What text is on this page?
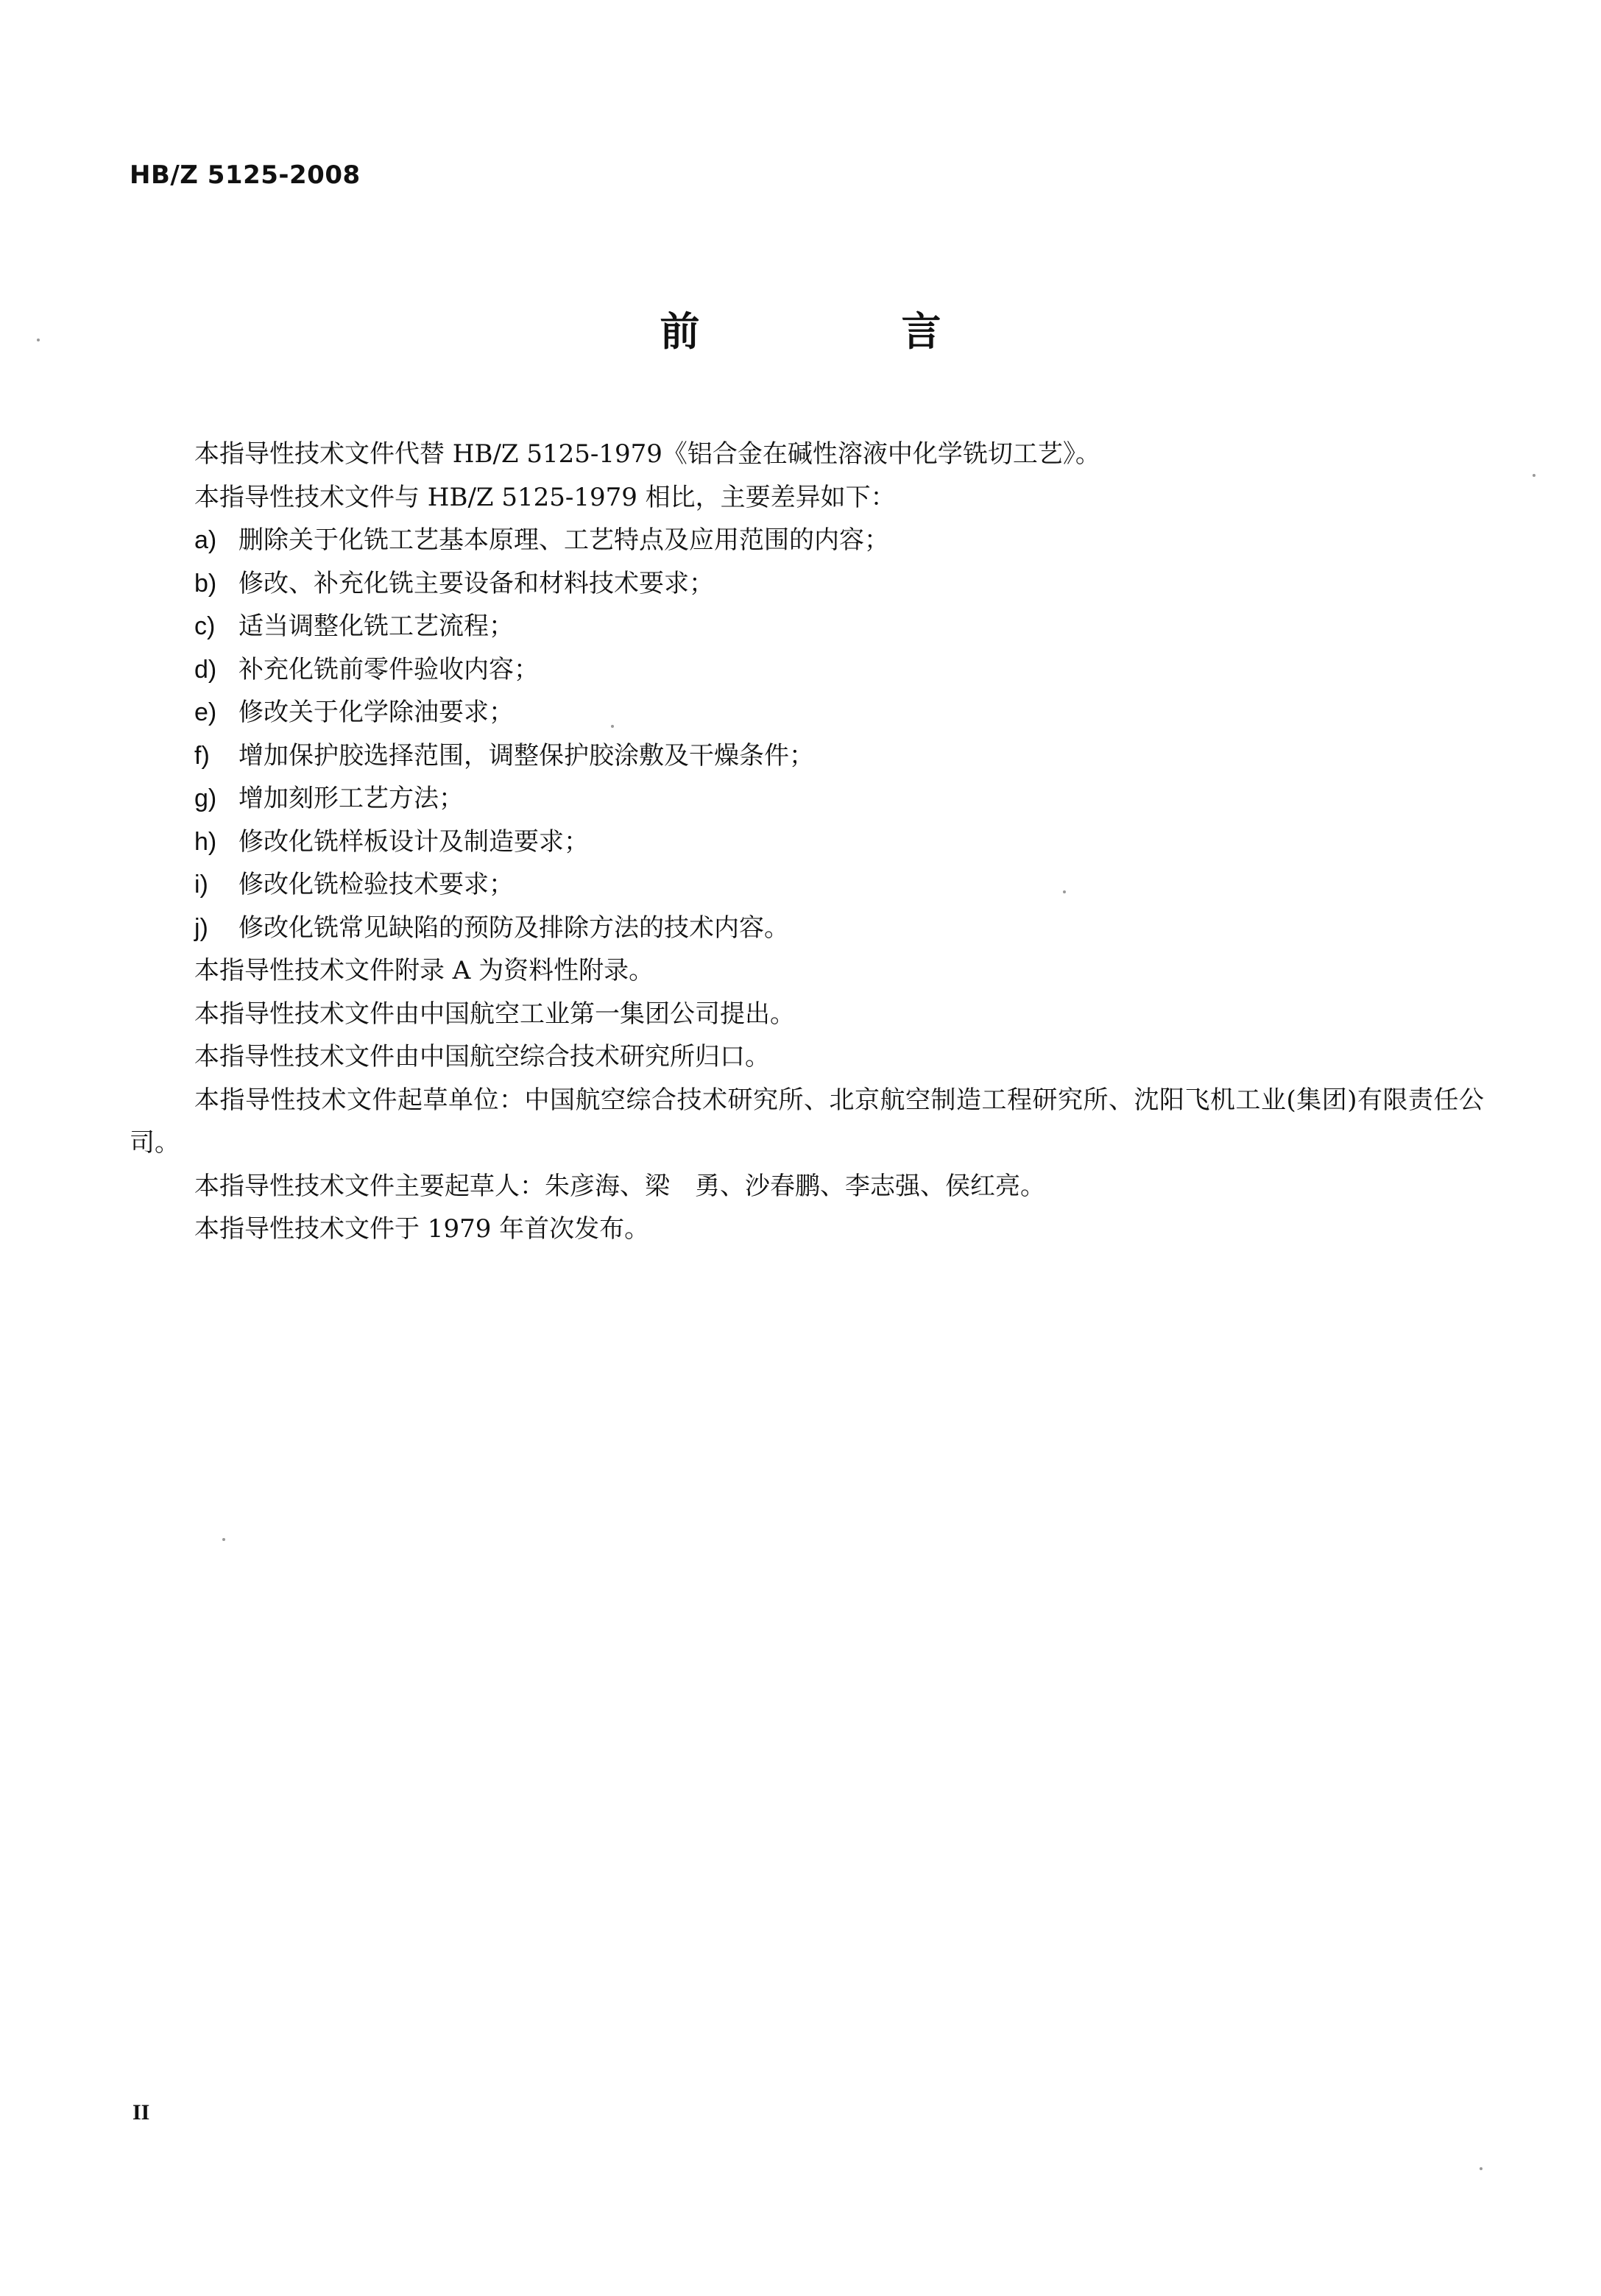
HB/Z 5125-2008
前　言

本指导性技术文件代替 HB/Z 5125-1979《铝合金在碱性溶液中化学铣切工艺》。

本指导性技术文件与 HB/Z 5125-1979 相比，主要差异如下：

a) 删除关于化铣工艺基本原理、工艺特点及应用范围的内容；
b) 修改、补充化铣主要设备和材料技术要求；
c) 适当调整化铣工艺流程；
d) 补充化铣前零件验收内容；
e) 修改关于化学除油要求；
f) 增加保护胶选择范围，调整保护胶涂敷及干燥条件；
g) 增加刻形工艺方法；
h) 修改化铣样板设计及制造要求；
i) 修改化铣检验技术要求；
j) 修改化铣常见缺陷的预防及排除方法的技术内容。

本指导性技术文件附录 A 为资料性附录。

本指导性技术文件由中国航空工业第一集团公司提出。

本指导性技术文件由中国航空综合技术研究所归口。

本指导性技术文件起草单位：中国航空综合技术研究所、北京航空制造工程研究所、沈阳飞机工业(集团)有限责任公司。

本指导性技术文件主要起草人：朱彦海、梁　勇、沙春鹏、李志强、侯红亮。

本指导性技术文件于 1979 年首次发布。

II
